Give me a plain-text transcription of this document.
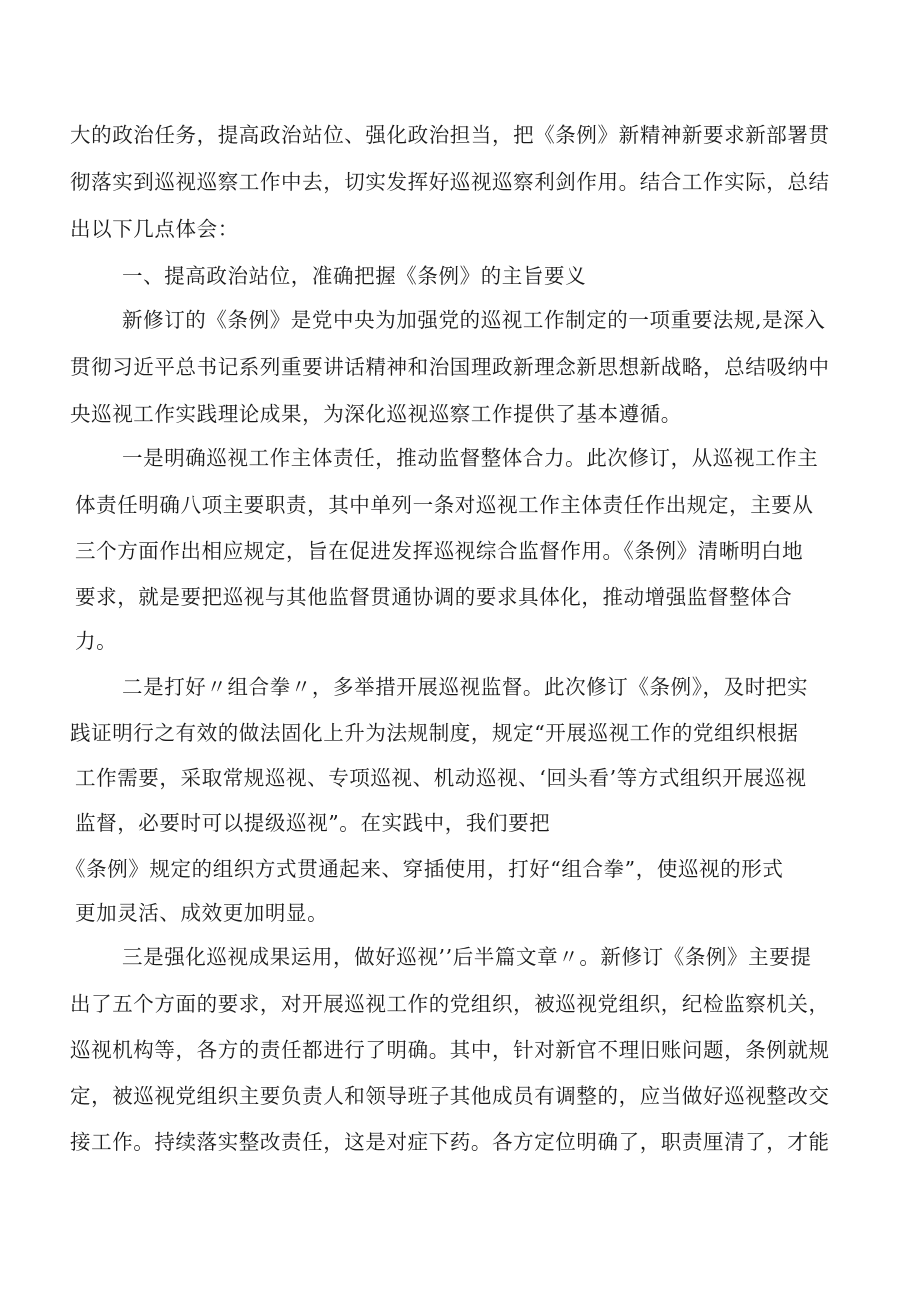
大的政治任务，提高政治站位、强化政治担当，把《条例》新精神新要求新部署贯
彻落实到巡视巡察工作中去，切实发挥好巡视巡察利剑作用。结合工作实际，总结
出以下几点体会：
一、提高政治站位，准确把握《条例》的主旨要义
新修订的《条例》是党中央为加强党的巡视工作制定的一项重要法规,是深入
贯彻习近平总书记系列重要讲话精神和治国理政新理念新思想新战略，总结吸纳中
央巡视工作实践理论成果，为深化巡视巡察工作提供了基本遵循。
一是明确巡视工作主体责任，推动监督整体合力。此次修订，从巡视工作主
体责任明确八项主要职责，其中单列一条对巡视工作主体责任作出规定，主要从
三个方面作出相应规定，旨在促进发挥巡视综合监督作用。《条例》清晰明白地
要求，就是要把巡视与其他监督贯通协调的要求具体化，推动增强监督整体合
力。
二是打好〃组合拳〃，多举措开展巡视监督。此次修订《条例》，及时把实
践证明行之有效的做法固化上升为法规制度，规定“开展巡视工作的党组织根据
工作需要，采取常规巡视、专项巡视、机动巡视、‘回头看’等方式组织开展巡视
监督，必要时可以提级巡视”。在实践中，我们要把
《条例》规定的组织方式贯通起来、穿插使用，打好“组合拳”，使巡视的形式
更加灵活、成效更加明显。
三是强化巡视成果运用，做好巡视’’后半篇文章〃。新修订《条例》主要提
出了五个方面的要求，对开展巡视工作的党组织，被巡视党组织，纪检监察机关，
巡视机构等，各方的责任都进行了明确。其中，针对新官不理旧账问题，条例就规
定，被巡视党组织主要负责人和领导班子其他成员有调整的，应当做好巡视整改交
接工作。持续落实整改责任，这是对症下药。各方定位明确了，职责厘清了，才能
